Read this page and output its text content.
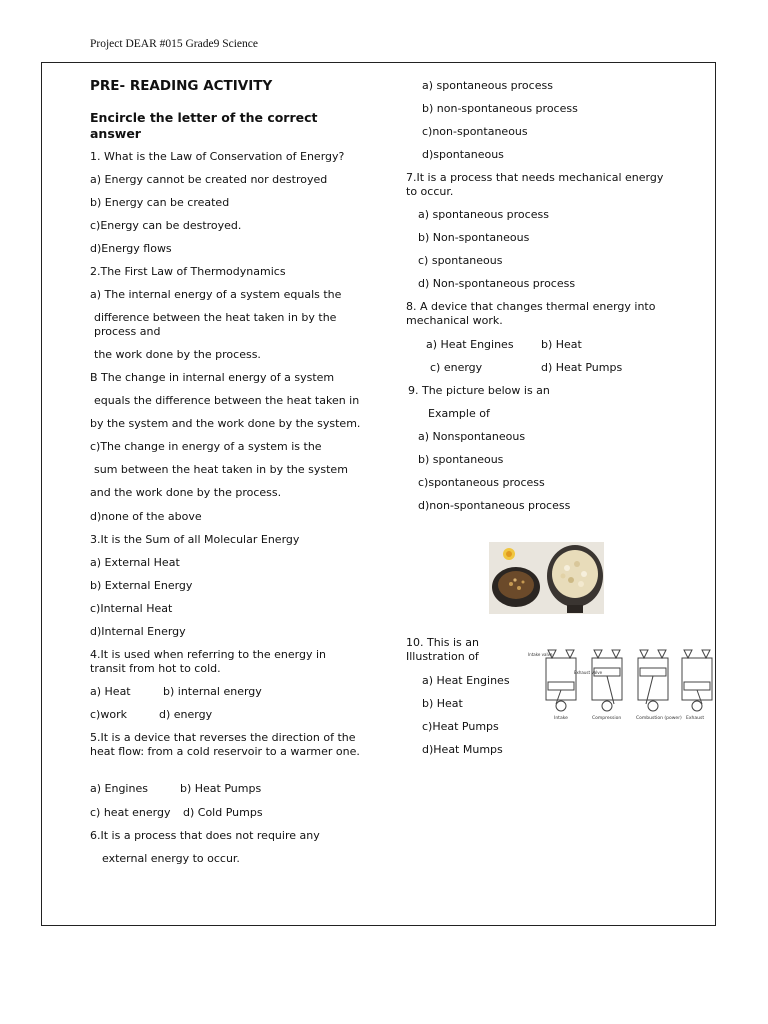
Project DEAR #015 Grade9 Science

PRE- READING ACTIVITY

Encircle the letter of the correct answer

1. What is the Law of Conservation of Energy?

a) Energy cannot be created nor destroyed

b) Energy can be created

c)Energy can be destroyed.

d)Energy flows

2.The First Law of Thermodynamics

a) The internal energy of a system equals the

difference between the heat taken in by the process and

the work done by the process.

B The change in internal energy of a system

equals the difference between the heat taken in

by the system and the work done by the system.

c)The change in energy of a system is the

sum between the heat taken in by the system

and the work done by the process.

d)none of the above

3.It is the Sum of all Molecular Energy

a) External Heat

b) External Energy

c)Internal Heat

d)Internal Energy

4.It is used when referring to the energy in transit from hot to cold.

a) Heat	b) internal energy

c)work	d) energy

5.It is a device that reverses the direction of the heat flow: from a cold reservoir to a warmer one.

a) Engines	b) Heat Pumps

c) heat energy d) Cold Pumps

6.It is a process that does not require any

external energy to occur.

a) spontaneous process

b) non-spontaneous process

c)non-spontaneous

d)spontaneous

7.It is a process that needs mechanical energy to occur.

a) spontaneous process

b) Non-spontaneous

c) spontaneous

d) Non-spontaneous process

8. A device that changes thermal energy into mechanical work.

a) Heat Engines b) Heat

c) energy	d) Heat Pumps

9. The picture below is an

Example of

a) Nonspontaneous

b) spontaneous

c)spontaneous process

d)non-spontaneous process

10. This is an Illustration of

a) Heat Engines

b) Heat

c)Heat Pumps

d)Heat Mumps

Intake valve
Exhaust valve
Intake	Compression	Combustion (power) Exhaust
